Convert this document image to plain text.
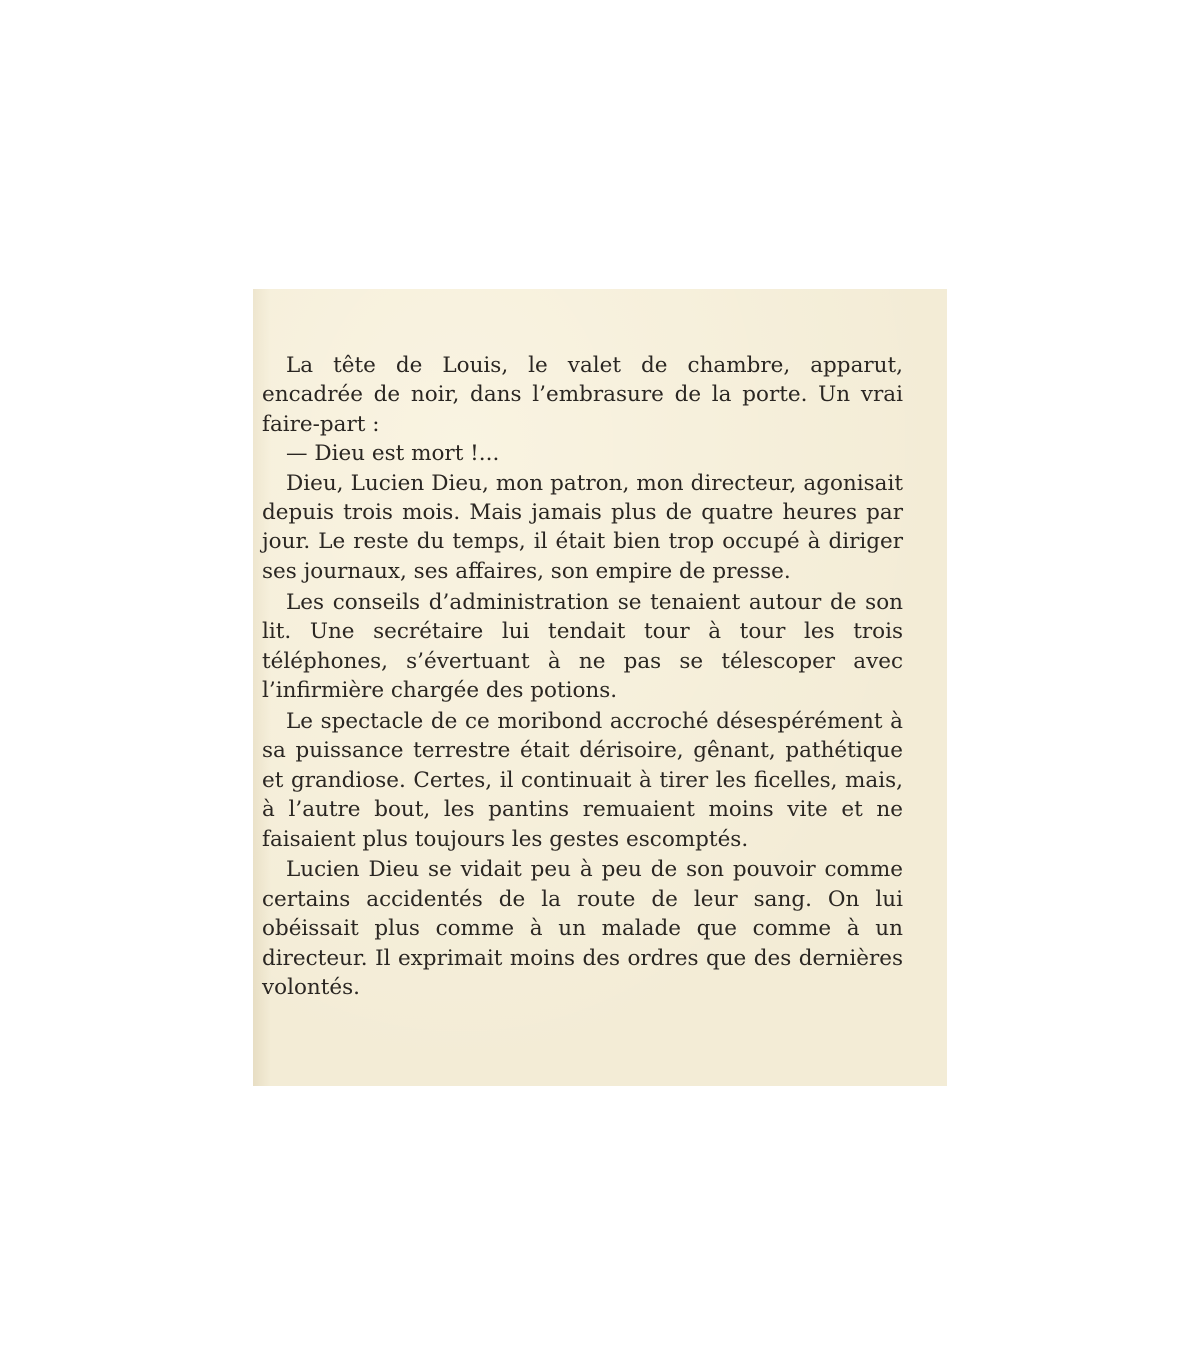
La tête de Louis, le valet de chambre, apparut, encadrée de noir, dans l’embrasure de la porte. Un vrai faire-part :

— Dieu est mort !...

Dieu, Lucien Dieu, mon patron, mon directeur, agonisait depuis trois mois. Mais jamais plus de quatre heures par jour. Le reste du temps, il était bien trop occupé à diriger ses journaux, ses affaires, son empire de presse.

Les conseils d’administration se tenaient autour de son lit. Une secrétaire lui tendait tour à tour les trois téléphones, s’évertuant à ne pas se télescoper avec l’infirmière chargée des potions.

Le spectacle de ce moribond accroché désespérément à sa puissance terrestre était dérisoire, gênant, pathétique et grandiose. Certes, il continuait à tirer les ficelles, mais, à l’autre bout, les pantins remuaient moins vite et ne faisaient plus toujours les gestes escomptés.

Lucien Dieu se vidait peu à peu de son pouvoir comme certains accidentés de la route de leur sang. On lui obéissait plus comme à un malade que comme à un directeur. Il exprimait moins des ordres que des dernières volontés.
